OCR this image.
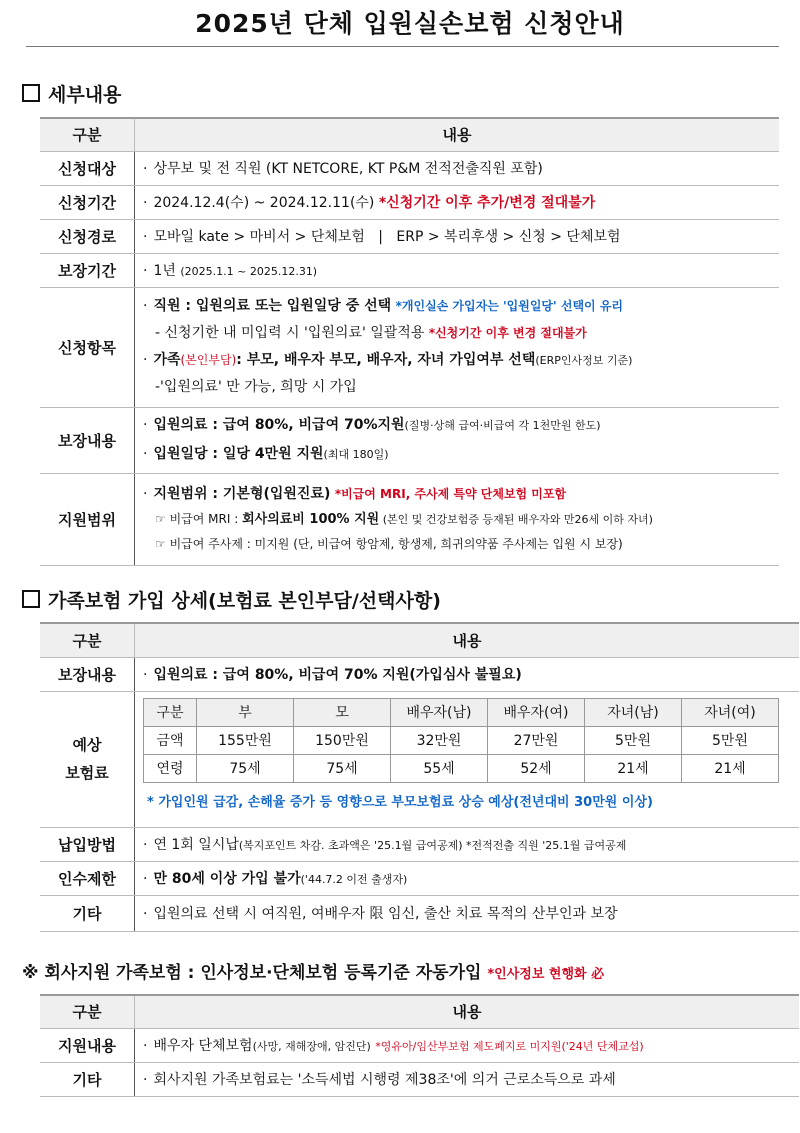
2025년 단체 입원실손보험 신청안내
세부내용
구분	내용
신청대상	· 상무보 및 전 직원 (KT NETCORE, KT P&M 전적전출직원 포함)
신청기간	· 2024.12.4(수) ~ 2024.12.11(수) *신청기간 이후 추가/변경 절대불가
신청경로	· 모바일 kate > 마비서 > 단체보험   |   ERP > 복리후생 > 신청 > 단체보험
보장기간	· 1년 (2025.1.1 ~ 2025.12.31)
신청항목	· 직원 : 입원의료 또는 입원일당 중 선택 *개인실손 가입자는 '입원일당' 선택이 유리
- 신청기한 내 미입력 시 '입원의료' 일괄적용 *신청기간 이후 변경 절대불가
· 가족(본인부담): 부모, 배우자 부모, 배우자, 자녀 가입여부 선택(ERP인사정보 기준)
-'입원의료' 만 가능, 희망 시 가입

보장내용	· 입원의료 : 급여 80%, 비급여 70%지원(질병·상해 급여·비급여 각 1천만원 한도)
· 입원일당 : 일당 4만원 지원(최대 180일)

지원범위	· 지원범위 : 기본형(입원진료) *비급여 MRI, 주사제 특약 단체보험 미포함
☞ 비급여 MRI : 회사의료비 100% 지원 (본인 및 건강보험증 등재된 배우자와 만26세 이하 자녀)
☞ 비급여 주사제 : 미지원 (단, 비급여 항암제, 항생제, 희귀의약품 주사제는 입원 시 보장)
가족보험 가입 상세(보험료 본인부담/선택사항)
구분	내용
보장내용	· 입원의료 : 급여 80%, 비급여 70% 지원(가입심사 불필요)

예상
보험료

구분	부	모	배우자(남)	배우자(여)	자녀(남)	자녀(여)
금액	155만원	150만원	32만원	27만원	5만원	5만원
연령	75세	75세	55세	52세	21세	21세
* 가입인원 급감, 손해율 증가 등 영향으로 부모보험료 상승 예상(전년대비 30만원 이상)

납입방법	· 연 1회 일시납(복지포인트 차감. 초과액은 '25.1월 급여공제) *전적전출 직원 '25.1월 급여공제
인수제한	· 만 80세 이상 가입 불가('44.7.2 이전 출생자)
기타	· 입원의료 선택 시 여직원, 여배우자 限 임신, 출산 치료 목적의 산부인과 보장
※ 회사지원 가족보험 : 인사정보·단체보험 등록기준 자동가입 *인사정보 현행화 必
구분	내용
지원내용	· 배우자 단체보험(사망, 재해장애, 암진단) *영유아/임산부보험 제도폐지로 미지원('24년 단체교섭)
기타	· 회사지원 가족보험료는 '소득세법 시행령 제38조'에 의거 근로소득으로 과세
